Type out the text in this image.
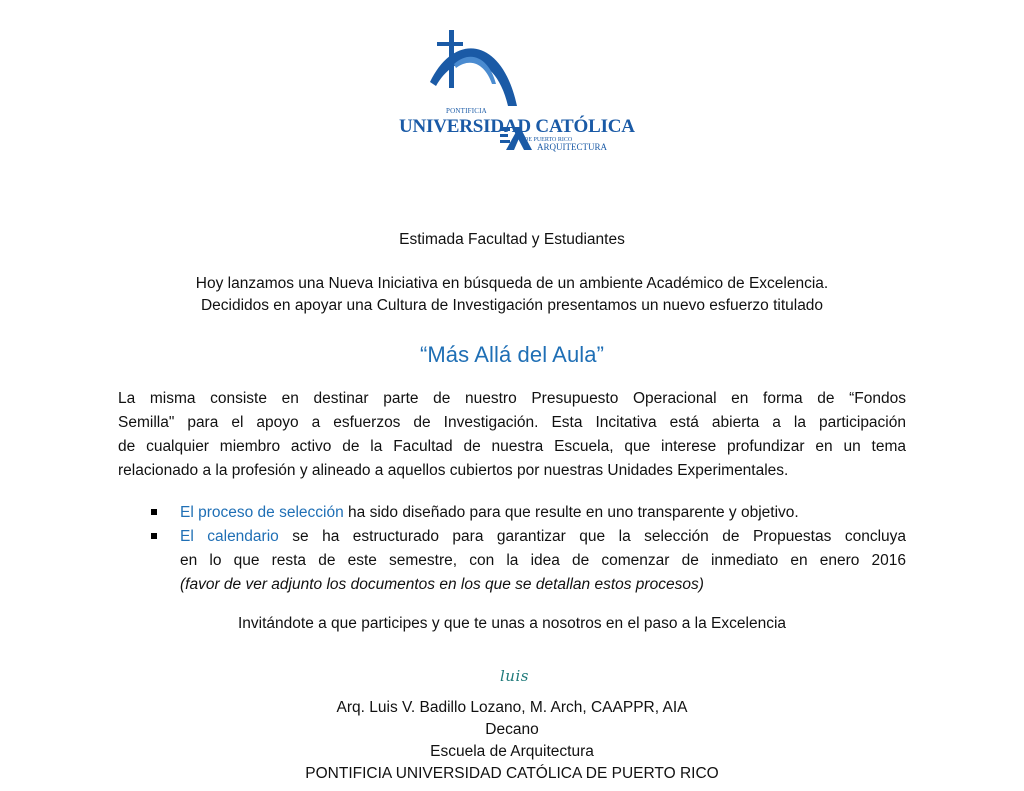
PONTIFICIA
UNIVERSIDAD CATÓLICA
DE PUERTO RICO
ARQUITECTURA
Estimada Facultad y Estudiantes
Hoy lanzamos una Nueva Iniciativa en búsqueda de un ambiente Académico de Excelencia.
Decididos en apoyar una Cultura de Investigación presentamos un nuevo esfuerzo titulado
“Más Allá del Aula”
La misma consiste en destinar parte de nuestro Presupuesto Operacional en forma de “Fondos
Semilla" para el apoyo a esfuerzos de Investigación. Esta Incitativa está abierta a la participación
de cualquier miembro activo de la Facultad de nuestra Escuela, que interese profundizar en un tema
relacionado a la profesión y alineado a aquellos cubiertos por nuestras Unidades Experimentales.
El proceso de selección ha sido diseñado para que resulte en uno transparente y objetivo.
El calendario se ha estructurado para garantizar que la selección de Propuestas concluya
en lo que resta de este semestre, con la idea de comenzar de inmediato en enero 2016
(favor de ver adjunto los documentos en los que se detallan estos procesos)
Invitándote a que participes y que te unas a nosotros en el paso a la Excelencia
luis
Arq. Luis V. Badillo Lozano, M. Arch, CAAPPR, AIA
Decano
Escuela de Arquitectura
PONTIFICIA UNIVERSIDAD CATÓLICA DE PUERTO RICO
